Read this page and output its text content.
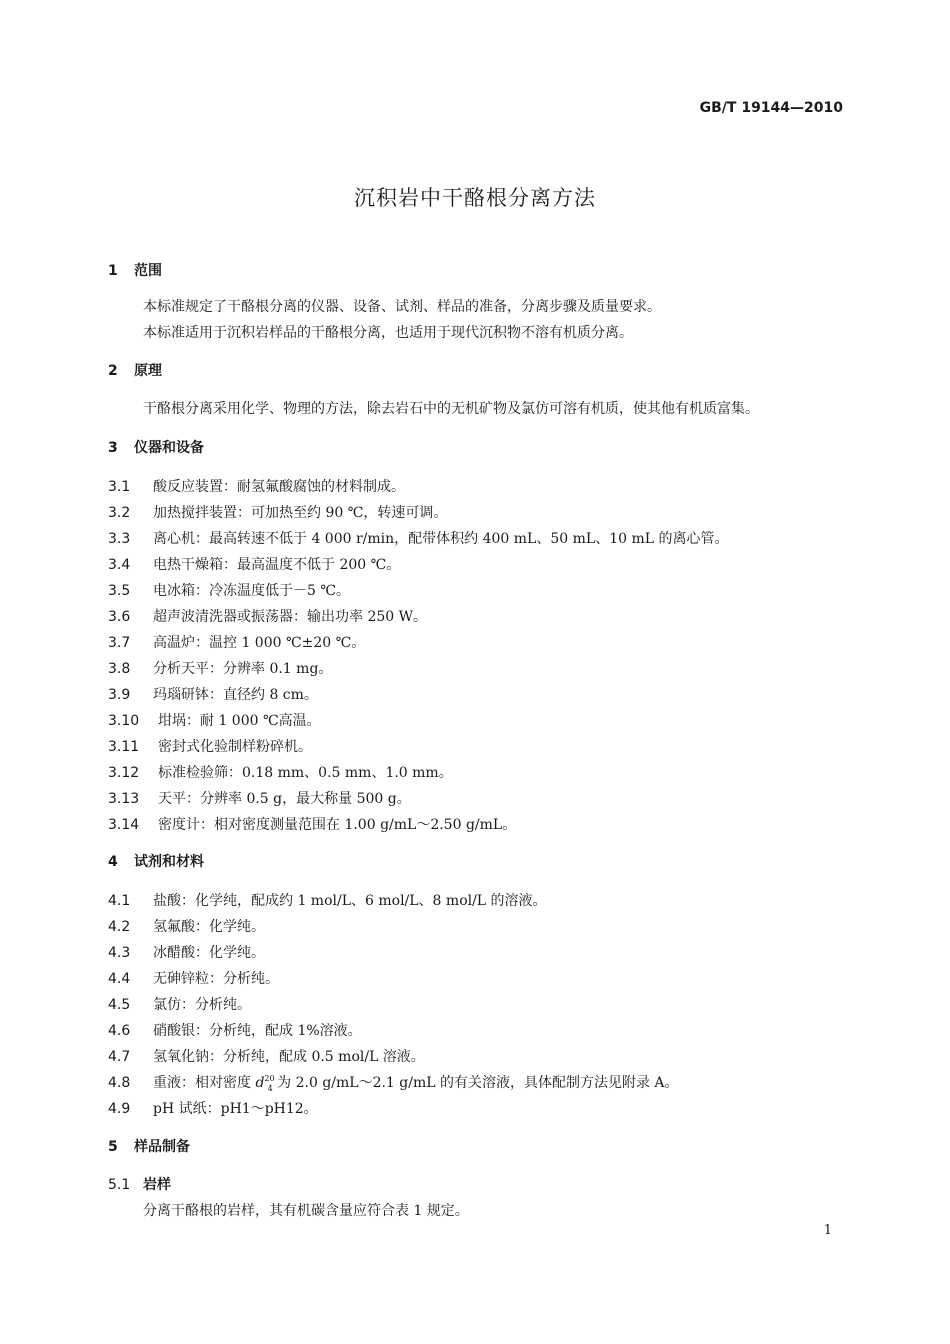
GB/T 19144—2010
沉积岩中干酪根分离方法
1 范围
本标准规定了干酪根分离的仪器、设备、试剂、样品的准备，分离步骤及质量要求。
本标准适用于沉积岩样品的干酪根分离，也适用于现代沉积物不溶有机质分离。
2 原理
干酪根分离采用化学、物理的方法，除去岩石中的无机矿物及氯仿可溶有机质，使其他有机质富集。
3 仪器和设备
3.1 酸反应装置：耐氢氟酸腐蚀的材料制成。
3.2 加热搅拌装置：可加热至约 90 ℃，转速可调。
3.3 离心机：最高转速不低于 4 000 r/min，配带体积约 400 mL、50 mL、10 mL 的离心管。
3.4 电热干燥箱：最高温度不低于 200 ℃。
3.5 电冰箱：冷冻温度低于－5 ℃。
3.6 超声波清洗器或振荡器：输出功率 250 W。
3.7 高温炉：温控 1 000 ℃±20 ℃。
3.8 分析天平：分辨率 0.1 mg。
3.9 玛瑙研钵：直径约 8 cm。
3.10 坩埚：耐 1 000 ℃高温。
3.11 密封式化验制样粉碎机。
3.12 标准检验筛：0.18 mm、0.5 mm、1.0 mm。
3.13 天平：分辨率 0.5 g，最大称量 500 g。
3.14 密度计：相对密度测量范围在 1.00 g/mL～2.50 g/mL。
4 试剂和材料
4.1 盐酸：化学纯，配成约 1 mol/L、6 mol/L、8 mol/L 的溶液。
4.2 氢氟酸：化学纯。
4.3 冰醋酸：化学纯。
4.4 无砷锌粒：分析纯。
4.5 氯仿：分析纯。
4.6 硝酸银：分析纯，配成 1%溶液。
4.7 氢氧化钠：分析纯，配成 0.5 mol/L 溶液。
4.8 重液：相对密度 $d^{20}_4$ 为 2.0 g/mL～2.1 g/mL 的有关溶液，具体配制方法见附录 A。
4.9 pH 试纸：pH1～pH12。
5 样品制备
5.1 岩样
分离干酪根的岩样，其有机碳含量应符合表 1 规定。
1
